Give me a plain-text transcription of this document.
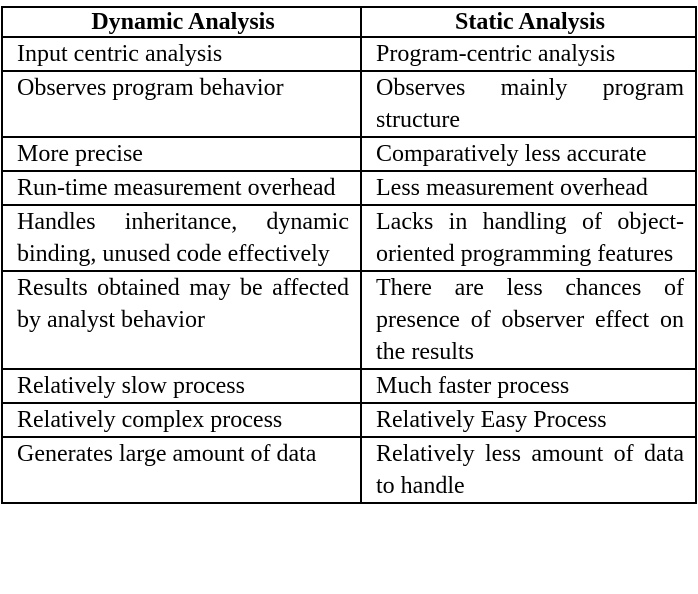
Dynamic Analysis	Static Analysis
Input centric analysis	Program-centric analysis
Observes program behavior	Observes mainly program structure
More precise	Comparatively less accurate
Run-time measurement overhead	Less measurement overhead
Handles inheritance, dynamic binding, unused code effectively	Lacks in handling of object-oriented programming features
Results obtained may be affected by analyst behavior	There are less chances of presence of observer effect on the results
Relatively slow process	Much faster process
Relatively complex process	Relatively Easy Process
Generates large amount of data	Relatively less amount of data to handle
